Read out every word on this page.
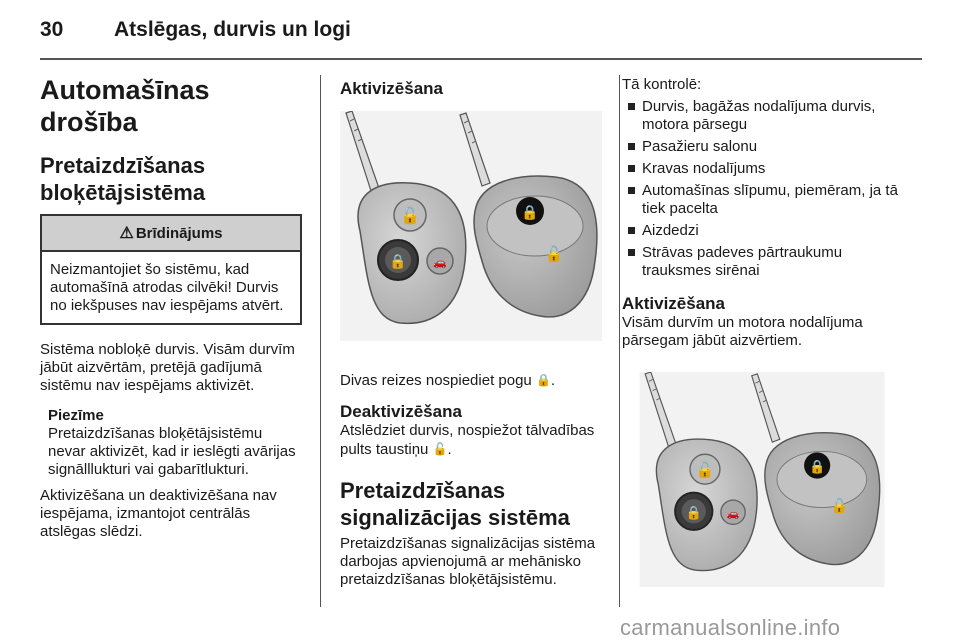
30 Atslēgas, durvis un logi
Automašīnas drošība
Pretaizdzīšanas
bloķētājsistēma
⚠ Brīdinājums
Neizmantojiet šo sistēmu, kad automašīnā atrodas cilvēki! Durvis no iekšpuses nav iespējams atvērt.
Sistēma nobloķē durvis. Visām durvīm jābūt aizvērtām, pretējā gadījumā sistēmu nav iespējams aktivizēt.
Piezīme
Pretaizdzīšanas bloķētājsistēmu nevar aktivizēt, kad ir ieslēgti avārijas signālllukturi vai gabarītlukturi.
Aktivizēšana un deaktivizēšana nav iespējama, izmantojot centrālās atslēgas slēdzi.
Aktivizēšana
🔓
🔒 🚗
🔒
🔓
Divas reizes nospiediet pogu 🔒.
Deaktivizēšana
Atslēdziet durvis, nospiežot tālvadības pults taustiņu 🔓.
Pretaizdzīšanas
signalizācijas sistēma
Pretaizdzīšanas signalizācijas sistēma darbojas apvienojumā ar mehānisko pretaizdzīšanas bloķētājsistēmu.
Tā kontrolē:
Durvis, bagāžas nodalījuma durvis, motora pārsegu
Pasažieru salonu
Kravas nodalījums
Automašīnas slīpumu, piemēram, ja tā tiek pacelta
Aizdedzi
Strāvas padeves pārtraukumu trauksmes sirēnai
Aktivizēšana
Visām durvīm un motora nodalījuma pārsegam jābūt aizvērtiem.
🔓
🔒 🚗
🔒
🔓
carmanualsonline.info
